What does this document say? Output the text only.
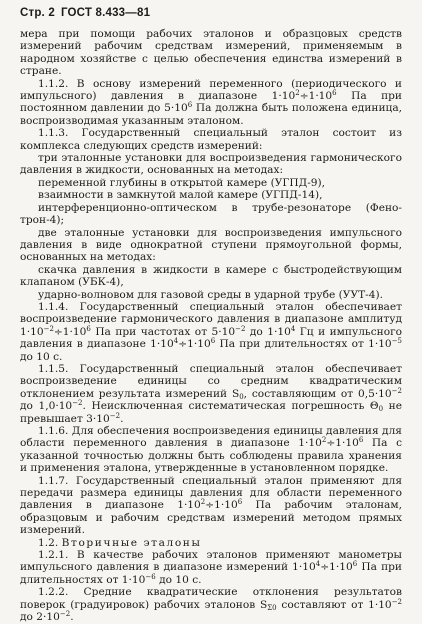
Стр. 2 ГОСТ 8.433—81

мера при помощи рабочих эталонов и образцовых средств измерений рабочим средствам измерений, применяемым в народном хозяйстве с целью обеспечения единства измерений в стране.

1.1.2. В основу измерений переменного (периодического и импульсного) давления в диапазоне $1\cdot 10^2\div 1\cdot 10^6$ Па при постоянном давлении до $5\cdot 10^6$ Па должна быть положена единица, воспроизводимая указанным эталоном.

1.1.3. Государственный специальный эталон состоит из комплекса следующих средств измерений:

три эталонные установки для воспроизведения гармонического давления в жидкости, основанных на методах:

переменной глубины в открытой камере (УГПД-9),

взаимности в замкнутой малой камере (УГПД-14),

интерференционно-оптическом в трубе-резонаторе (Фено-

трон-4);

две эталонные установки для воспроизведения импульсного давления в виде однократной ступени прямоугольной формы, основанных на методах:

скачка давления в жидкости в камере с быстродействующим клапаном (УБК-4),

ударно-волновом для газовой среды в ударной трубе (УУТ-4).

1.1.4. Государственный специальный эталон обеспечивает воспроизведение гармонического давления в диапазоне амплитуд $1\cdot 10^{-2}\div 1\cdot 10^6$ Па при частотах от $5\cdot 10^{-2}$ до $1\cdot 10^4$ Гц и импульсного давления в диапазоне $1\cdot 10^4\div 1\cdot 10^6$ Па при длительностях от $1\cdot 10^{-5}$ до 10 с.

1.1.5. Государственный специальный эталон обеспечивает воспроизведение единицы со средним квадратическим отклонением результата измерений $S_0$, составляющим от $0,5\cdot 10^{-2}$ до $1,0\cdot 10^{-2}$. Неисключенная систематическая погрешность $\Theta_0$ не превышает $3\cdot 10^{-2}$.

1.1.6. Для обеспечения воспроизведения единицы давления для области переменного давления в диапазоне $1\cdot 10^2\div 1\cdot 10^6$ Па с указанной точностью должны быть соблюдены правила хранения и применения эталона, утвержденные в установленном порядке.

1.1.7. Государственный специальный эталон применяют для передачи размера единицы давления для области переменного давления в диапазоне $1\cdot 10^2\div 1\cdot 10^6$ Па рабочим эталонам, образцовым и рабочим средствам измерений методом прямых измерений.

1.2. Вторичные эталоны

1.2.1. В качестве рабочих эталонов применяют манометры импульсного давления в диапазоне измерений $1\cdot 10^4\div 1\cdot 10^6$ Па при длительностях от $1\cdot 10^{-6}$ до 10 с.

1.2.2. Средние квадратические отклонения результатов поверок (градуировок) рабочих эталонов $S_{\Sigma 0}$ составляют от $1\cdot 10^{-2}$ до $2\cdot 10^{-2}$.
